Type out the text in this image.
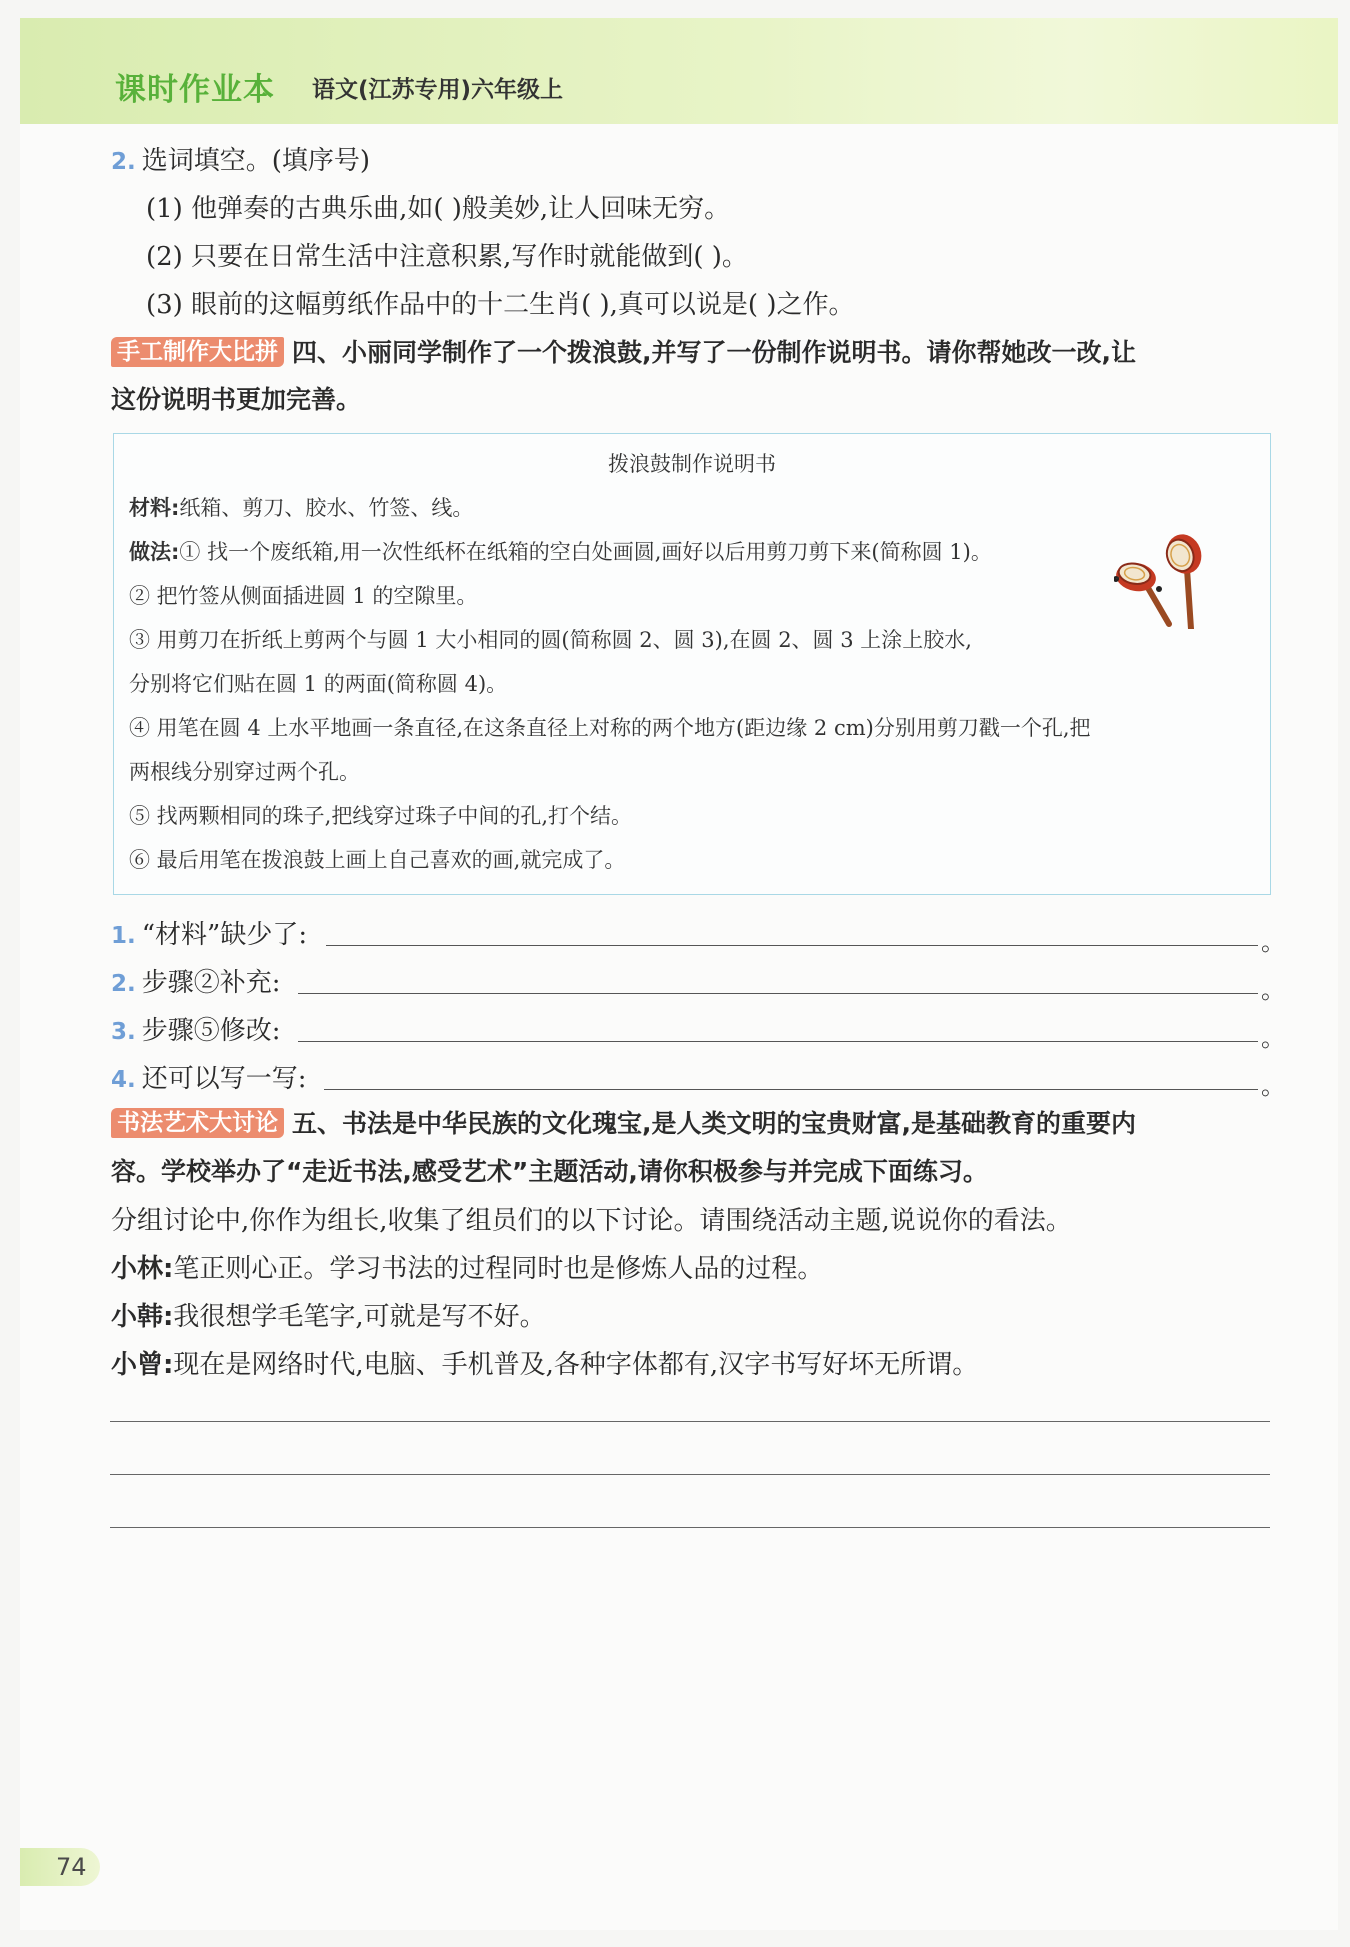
课时作业本 语文(江苏专用)六年级上
2. 选词填空。(填序号)
(1) 他弹奏的古典乐曲,如( )般美妙,让人回味无穷。
(2) 只要在日常生活中注意积累,写作时就能做到( )。
(3) 眼前的这幅剪纸作品中的十二生肖( ),真可以说是( )之作。
手工制作大比拼 四、小丽同学制作了一个拨浪鼓,并写了一份制作说明书。请你帮她改一改,让
这份说明书更加完善。
拨浪鼓制作说明书
材料:纸箱、剪刀、胶水、竹签、线。
做法:① 找一个废纸箱,用一次性纸杯在纸箱的空白处画圆,画好以后用剪刀剪下来(简称圆 1)。
② 把竹签从侧面插进圆 1 的空隙里。
③ 用剪刀在折纸上剪两个与圆 1 大小相同的圆(简称圆 2、圆 3),在圆 2、圆 3 上涂上胶水,
分别将它们贴在圆 1 的两面(简称圆 4)。
④ 用笔在圆 4 上水平地画一条直径,在这条直径上对称的两个地方(距边缘 2 cm)分别用剪刀戳一个孔,把
两根线分别穿过两个孔。
⑤ 找两颗相同的珠子,把线穿过珠子中间的孔,打个结。
⑥ 最后用笔在拨浪鼓上画上自己喜欢的画,就完成了。
1. “材料”缺少了:	。
2. 步骤②补充:	。
3. 步骤⑤修改:	。
4. 还可以写一写:	。
书法艺术大讨论 五、书法是中华民族的文化瑰宝,是人类文明的宝贵财富,是基础教育的重要内
容。学校举办了“走近书法,感受艺术”主题活动,请你积极参与并完成下面练习。
分组讨论中,你作为组长,收集了组员们的以下讨论。请围绕活动主题,说说你的看法。
小林:笔正则心正。学习书法的过程同时也是修炼人品的过程。
小韩:我很想学毛笔字,可就是写不好。
小曾:现在是网络时代,电脑、手机普及,各种字体都有,汉字书写好坏无所谓。
74
